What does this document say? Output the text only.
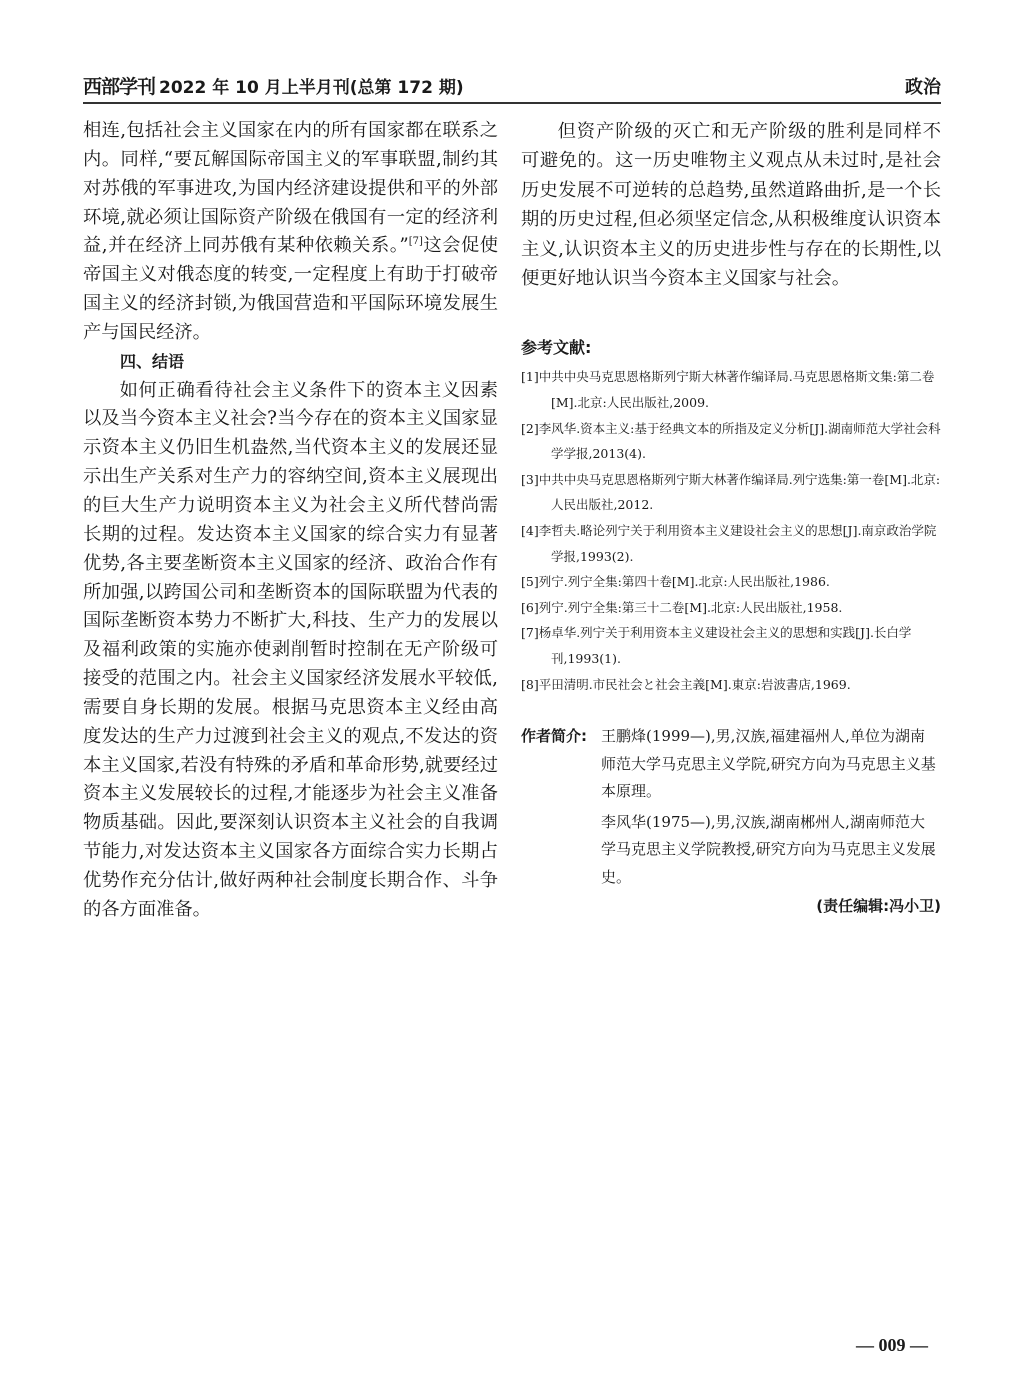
西部学刊 2022 年 10 月上半月刊(总第 172 期)	政治

相连,包括社会主义国家在内的所有国家都在联系之内。同样,“要瓦解国际帝国主义的军事联盟,制约其对苏俄的军事进攻,为国内经济建设提供和平的外部环境,就必须让国际资产阶级在俄国有一定的经济利益,并在经济上同苏俄有某种依赖关系。”[7]这会促使帝国主义对俄态度的转变,一定程度上有助于打破帝国主义的经济封锁,为俄国营造和平国际环境发展生产与国民经济。

四、结语

如何正确看待社会主义条件下的资本主义因素以及当今资本主义社会?当今存在的资本主义国家显示资本主义仍旧生机盎然,当代资本主义的发展还显示出生产关系对生产力的容纳空间,资本主义展现出的巨大生产力说明资本主义为社会主义所代替尚需长期的过程。发达资本主义国家的综合实力有显著优势,各主要垄断资本主义国家的经济、政治合作有所加强,以跨国公司和垄断资本的国际联盟为代表的国际垄断资本势力不断扩大,科技、生产力的发展以及福利政策的实施亦使剥削暂时控制在无产阶级可接受的范围之内。社会主义国家经济发展水平较低,需要自身长期的发展。根据马克思资本主义经由高度发达的生产力过渡到社会主义的观点,不发达的资本主义国家,若没有特殊的矛盾和革命形势,就要经过资本主义发展较长的过程,才能逐步为社会主义准备物质基础。因此,要深刻认识资本主义社会的自我调节能力,对发达资本主义国家各方面综合实力长期占优势作充分估计,做好两种社会制度长期合作、斗争的各方面准备。

但资产阶级的灭亡和无产阶级的胜利是同样不可避免的。这一历史唯物主义观点从未过时,是社会历史发展不可逆转的总趋势,虽然道路曲折,是一个长期的历史过程,但必须坚定信念,从积极维度认识资本主义,认识资本主义的历史进步性与存在的长期性,以便更好地认识当今资本主义国家与社会。

参考文献:
[1]中共中央马克思恩格斯列宁斯大林著作编译局.马克思恩格斯文集:第二卷[M].北京:人民出版社,2009.
[2]李风华.资本主义:基于经典文本的所指及定义分析[J].湖南师范大学社会科学学报,2013(4).
[3]中共中央马克思恩格斯列宁斯大林著作编译局.列宁选集:第一卷[M].北京:人民出版社,2012.
[4]李哲夫.略论列宁关于利用资本主义建设社会主义的思想[J].南京政治学院学报,1993(2).
[5]列宁.列宁全集:第四十卷[M].北京:人民出版社,1986.
[6]列宁.列宁全集:第三十二卷[M].北京:人民出版社,1958.
[7]杨卓华.列宁关于利用资本主义建设社会主义的思想和实践[J].长白学刊,1993(1).
[8]平田清明.市民社会と社会主義[M].東京:岩波書店,1969.
作者简介: 王鹏烽(1999—),男,汉族,福建福州人,单位为湖南师范大学马克思主义学院,研究方向为马克思主义基本原理。

李风华(1975—),男,汉族,湖南郴州人,湖南师范大学马克思主义学院教授,研究方向为马克思主义发展史。

(责任编辑:冯小卫)
— 009 —
